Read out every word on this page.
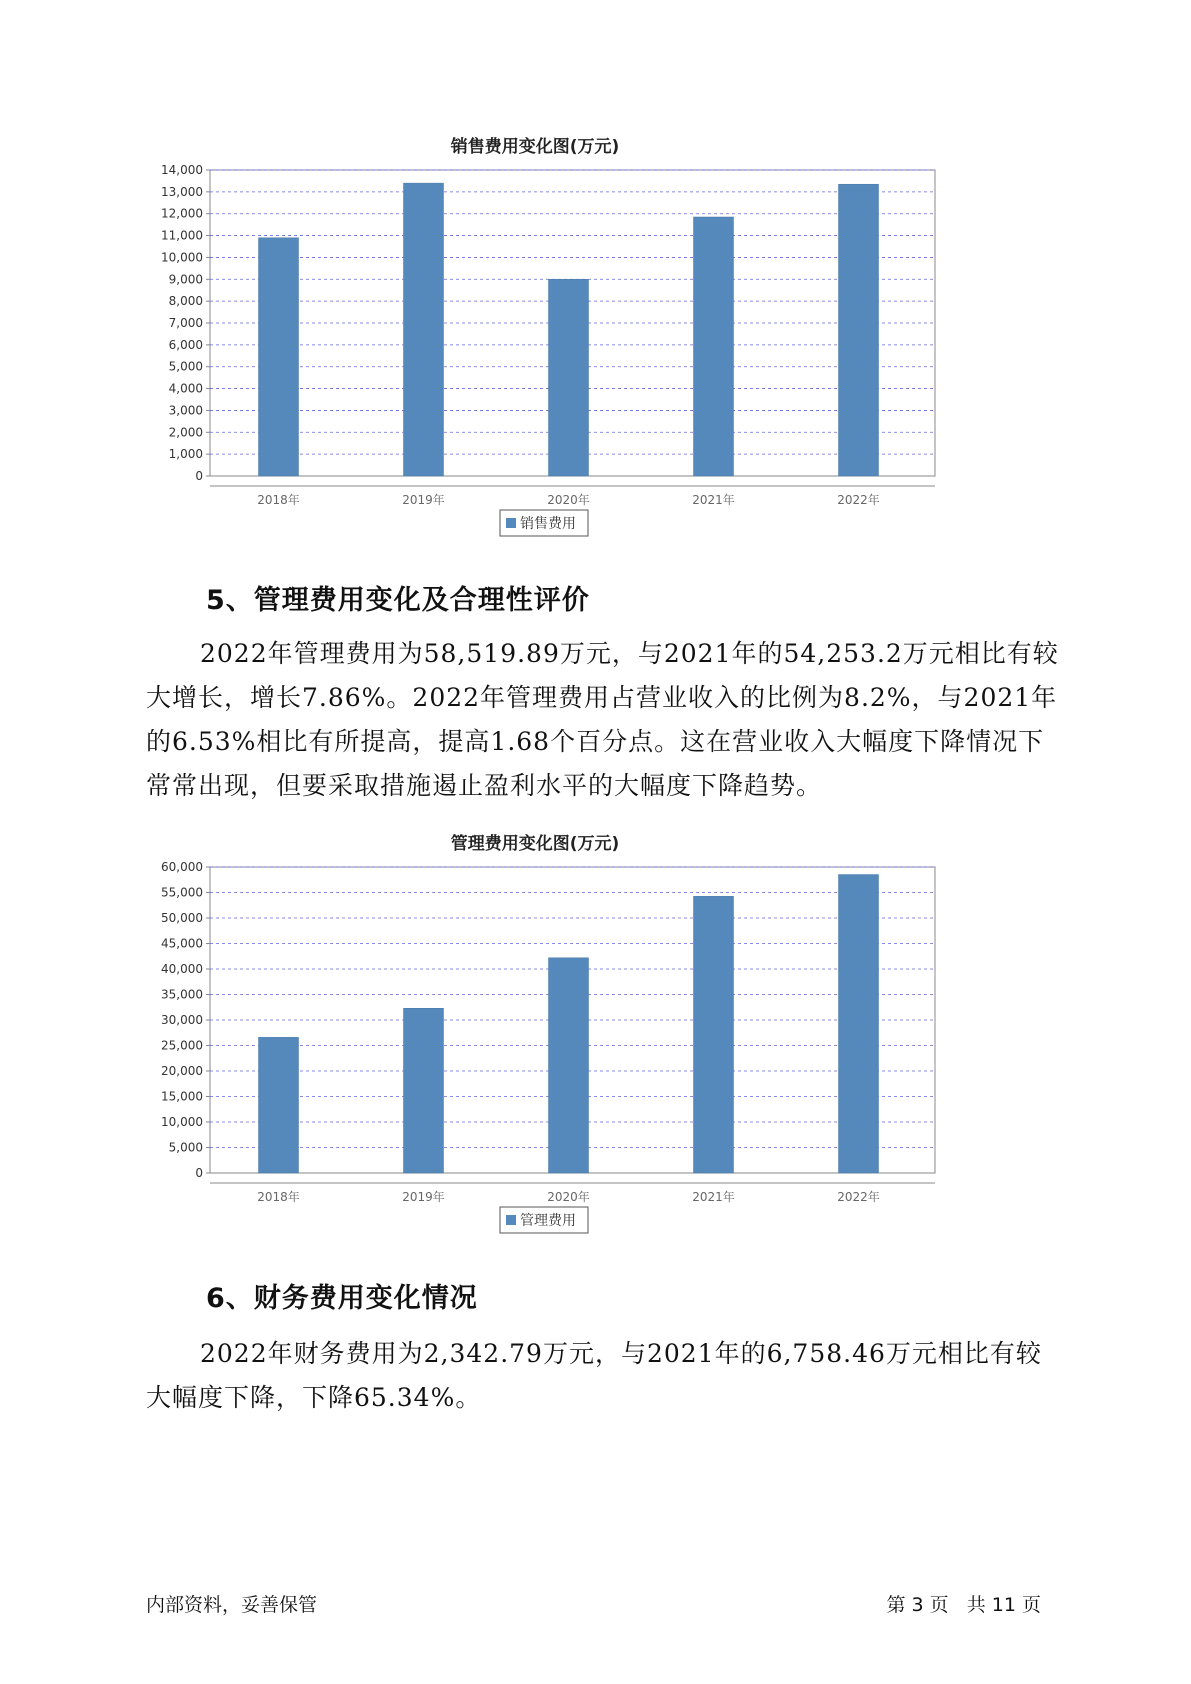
销售费用变化图(万元)
0
1,000
2,000
3,000
4,000
5,000
6,000
7,000
8,000
9,000
10,000
11,000
12,000
13,000
14,000
2018年	2019年	2020年	2021年	2022年
销售费用
5、管理费用变化及合理性评价

2022年管理费用为58,519.89万元，与2021年的54,253.2万元相比有较大增长，增长7.86%。2022年管理费用占营业收入的比例为8.2%，与2021年的6.53%相比有所提高，提高1.68个百分点。这在营业收入大幅度下降情况下常常出现，但要采取措施遏止盈利水平的大幅度下降趋势。

管理费用变化图(万元)
0
5,000
10,000
15,000
20,000
25,000
30,000
35,000
40,000
45,000
50,000
55,000
60,000
2018年	2019年	2020年	2021年	2022年
管理费用
6、财务费用变化情况

2022年财务费用为2,342.79万元，与2021年的6,758.46万元相比有较大幅度下降，下降65.34%。

内部资料，妥善保管	第 3 页   共 11 页
